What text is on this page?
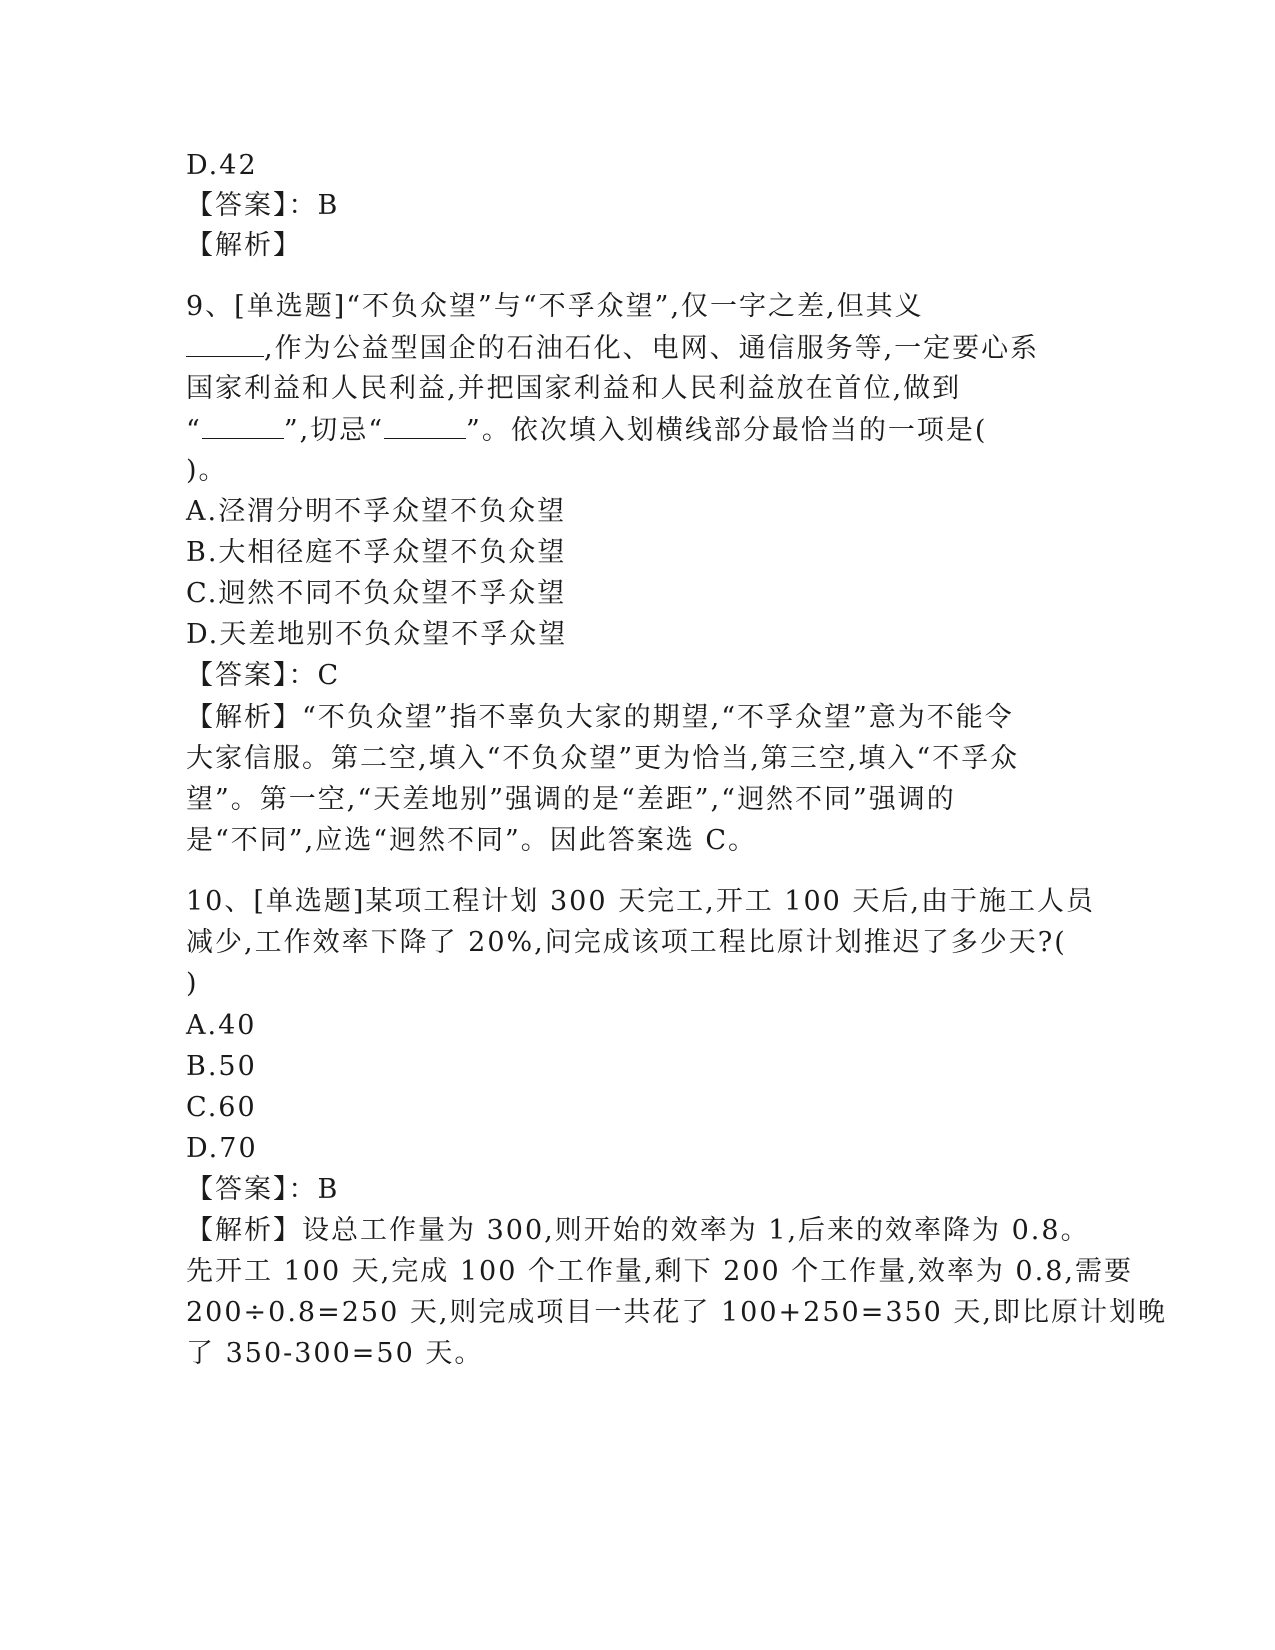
D.42
【答案】：B
【解析】
9、[单选题]“不负众望”与“不孚众望”,仅一字之差,但其义
,作为公益型国企的石油石化、电网、通信服务等,一定要心系
国家利益和人民利益,并把国家利益和人民利益放在首位,做到
“	”,切忌“	”。依次填入划横线部分最恰当的一项是(
)。
A.泾渭分明不孚众望不负众望
B.大相径庭不孚众望不负众望
C.迥然不同不负众望不孚众望
D.天差地别不负众望不孚众望
【答案】：C
【解析】“不负众望”指不辜负大家的期望,“不孚众望”意为不能令
大家信服。第二空,填入“不负众望”更为恰当,第三空,填入“不孚众
望”。第一空,“天差地别”强调的是“差距”,“迥然不同”强调的
是“不同”,应选“迥然不同”。因此答案选 C。
10、[单选题]某项工程计划 300 天完工,开工 100 天后,由于施工人员
减少,工作效率下降了 20%,问完成该项工程比原计划推迟了多少天?(
)
A.40
B.50
C.60
D.70
【答案】：B
【解析】设总工作量为 300,则开始的效率为 1,后来的效率降为 0.8。
先开工 100 天,完成 100 个工作量,剩下 200 个工作量,效率为 0.8,需要
200÷0.8=250 天,则完成项目一共花了 100+250=350 天,即比原计划晚
了 350-300=50 天。
